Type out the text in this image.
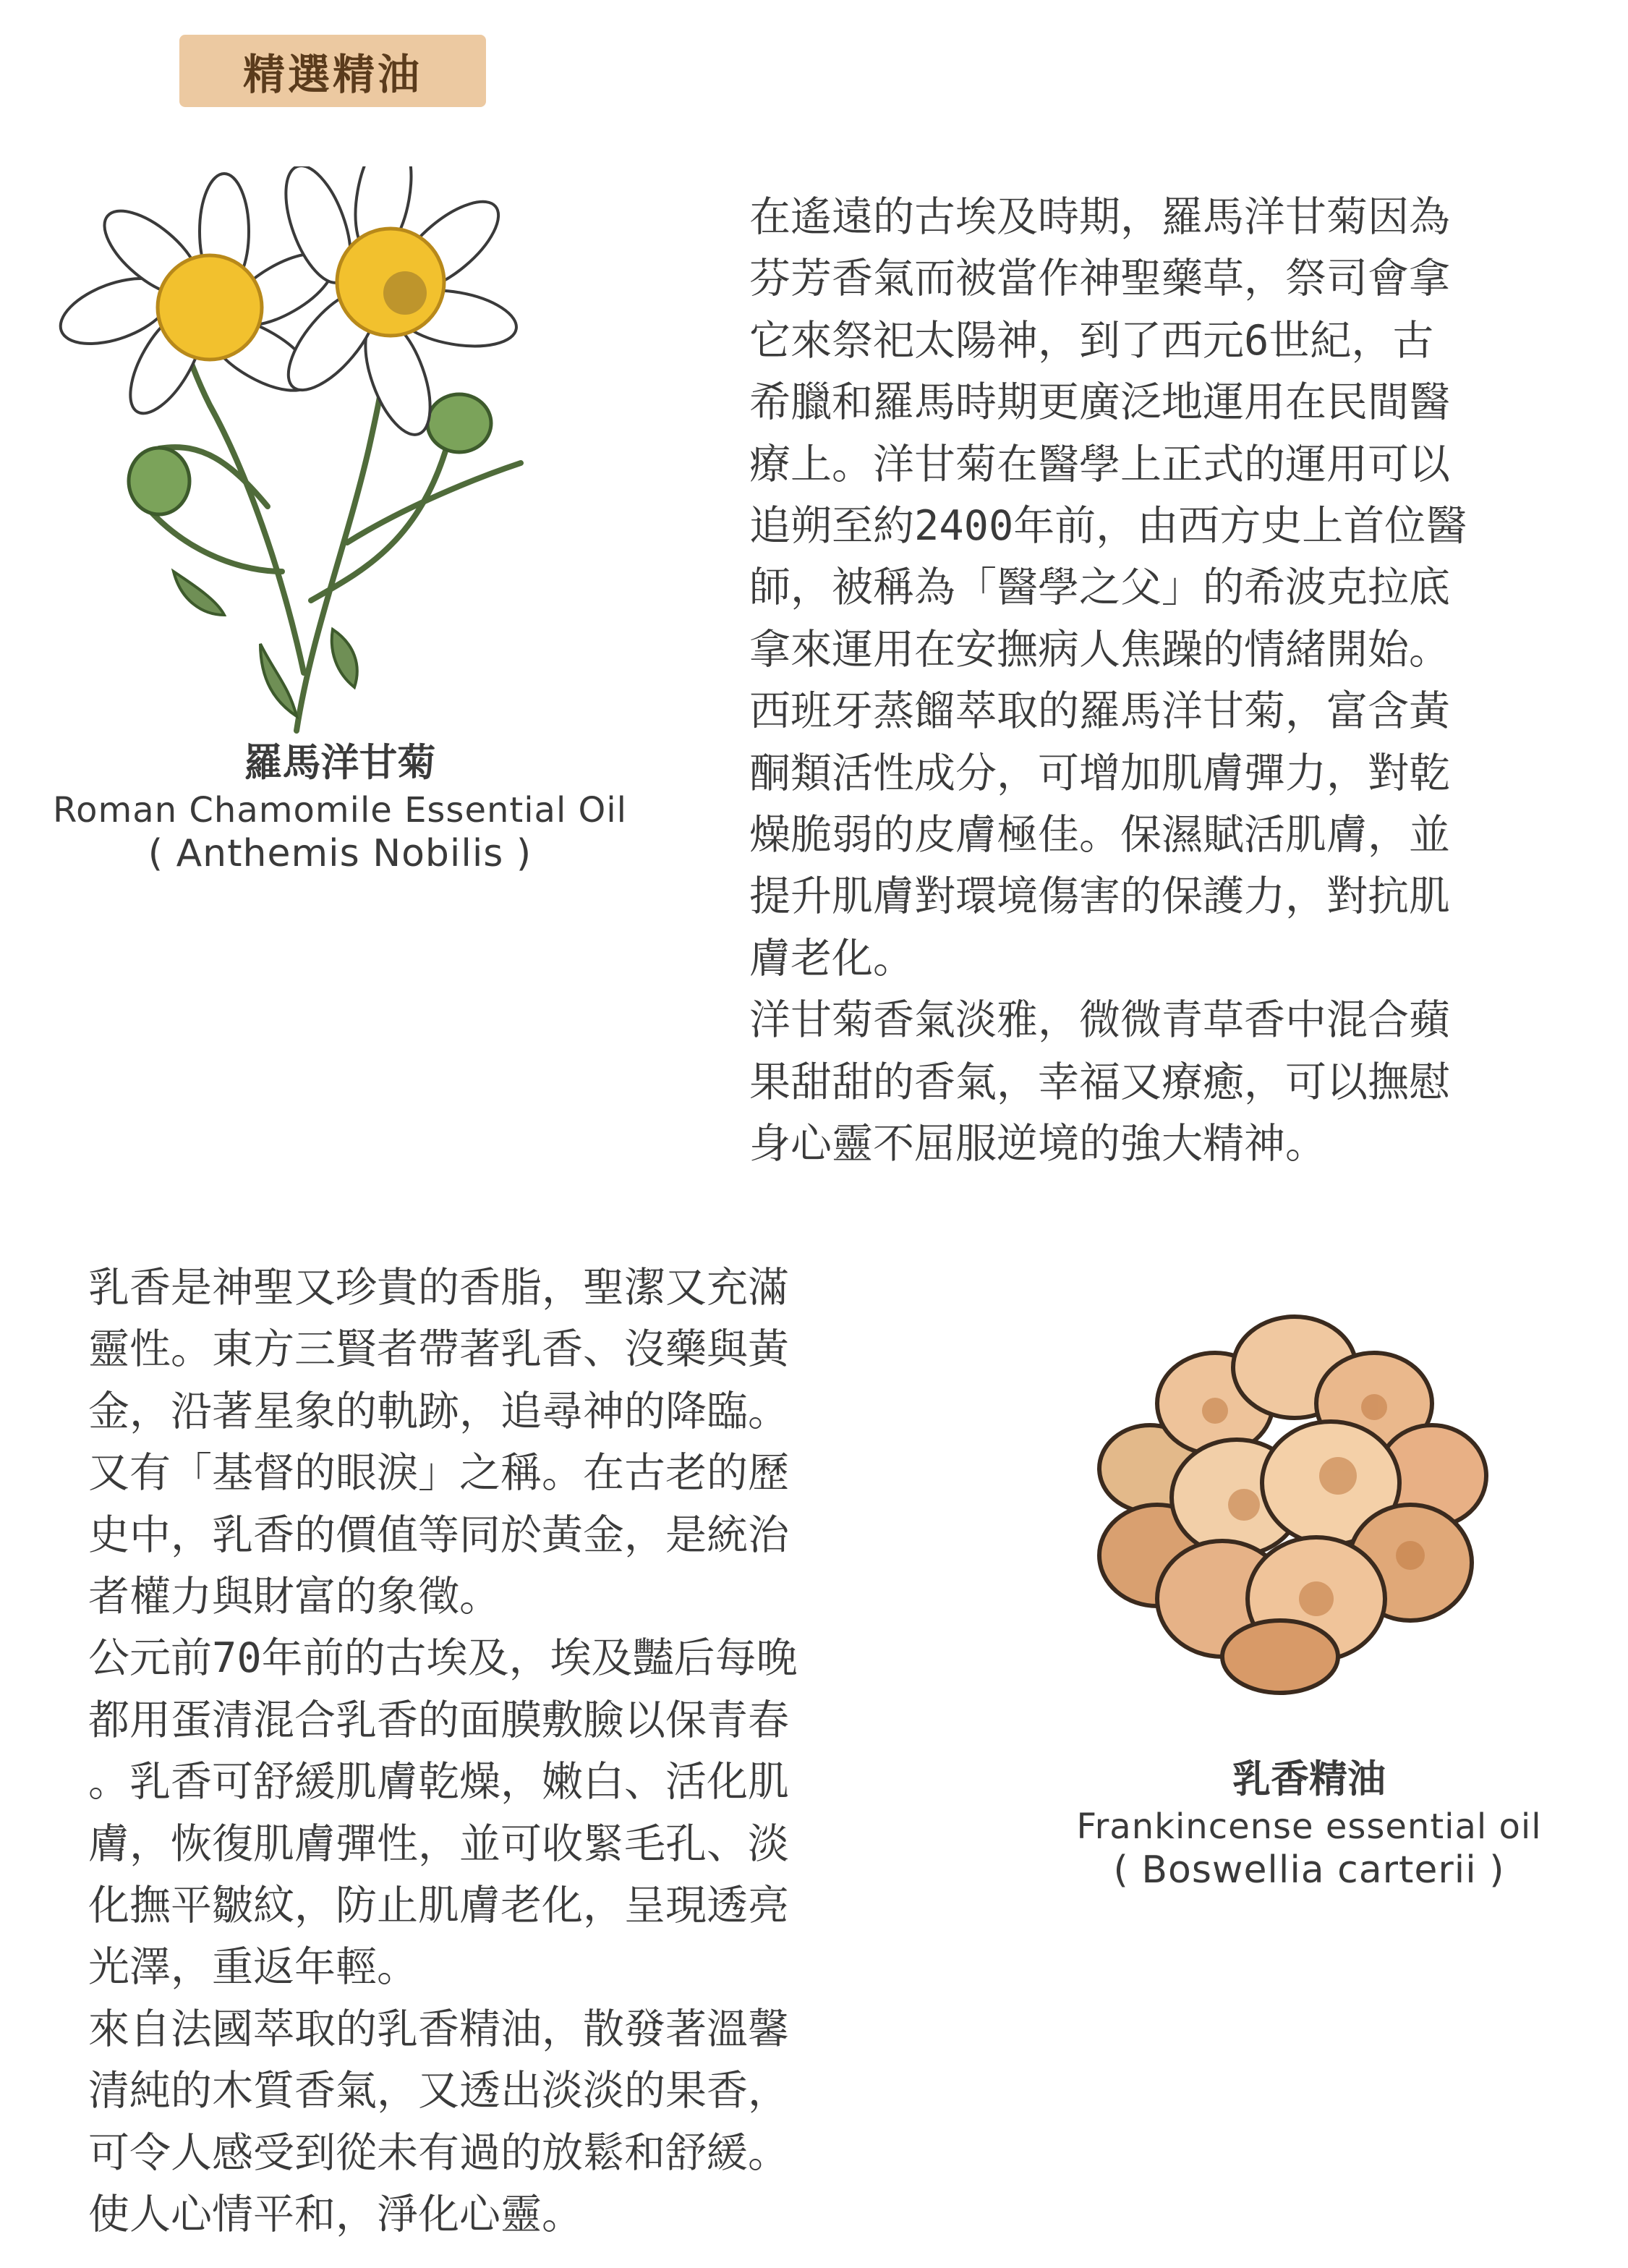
精選精油
在遙遠的古埃及時期，羅馬洋甘菊因為
芬芳香氣而被當作神聖藥草，祭司會拿
它來祭祀太陽神，到了西元6世紀，古
希臘和羅馬時期更廣泛地運用在民間醫
療上。洋甘菊在醫學上正式的運用可以
追朔至約2400年前，由西方史上首位醫
師，被稱為「醫學之父」的希波克拉底
拿來運用在安撫病人焦躁的情緒開始。
西班牙蒸餾萃取的羅馬洋甘菊，富含黃
酮類活性成分，可增加肌膚彈力，對乾
燥脆弱的皮膚極佳。保濕賦活肌膚，並
提升肌膚對環境傷害的保護力，對抗肌
膚老化。
洋甘菊香氣淡雅，微微青草香中混合蘋
果甜甜的香氣，幸福又療癒，可以撫慰
身心靈不屈服逆境的強大精神。
羅馬洋甘菊
Roman Chamomile Essential Oil
( Anthemis Nobilis )
乳香是神聖又珍貴的香脂，聖潔又充滿
靈性。東方三賢者帶著乳香、沒藥與黃
金，沿著星象的軌跡，追尋神的降臨。
又有「基督的眼淚」之稱。在古老的歷
史中，乳香的價值等同於黃金，是統治
者權力與財富的象徵。
公元前70年前的古埃及，埃及豔后每晚
都用蛋清混合乳香的面膜敷臉以保青春
。乳香可舒緩肌膚乾燥，嫩白、活化肌
膚，恢復肌膚彈性，並可收緊毛孔、淡
化撫平皺紋，防止肌膚老化，呈現透亮
光澤，重返年輕。
來自法國萃取的乳香精油，散發著溫馨
清純的木質香氣，又透出淡淡的果香，
可令人感受到從未有過的放鬆和舒緩。
使人心情平和，淨化心靈。
乳香精油
Frankincense essential oil
( Boswellia carterii )
